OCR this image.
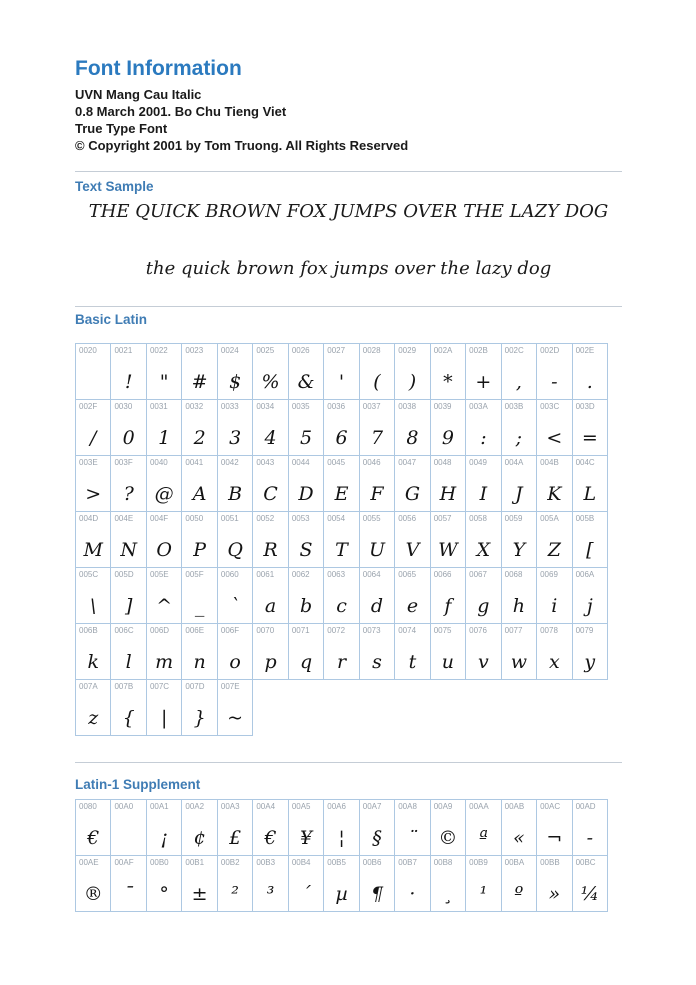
Font Information

UVN Mang Cau Italic

0.8 March 2001. Bo Chu Tieng Viet

True Type Font

© Copyright 2001 by Tom Truong. All Rights Reserved

Text Sample
THE QUICK BROWN FOX JUMPS OVER THE LAZY DOG
the quick brown fox jumps over the lazy dog
Basic Latin
0020 0021
!
0022
"
0023
#
0024
$
0025
%
0026
&
0027
'
0028
(
0029
)
002A
*
002B
+
002C
,
002D
-
002E
.
002F
/
0030
0
0031
1
0032
2
0033
3
0034
4
0035
5
0036
6
0037
7
0038
8
0039
9
003A
:
003B
;
003C
<
003D
=
003E
>
003F
?
0040
@
0041
A
0042
B
0043
C
0044
D
0045
E
0046
F
0047
G
0048
H
0049
I
004A
J
004B
K
004C
L
004D
M
004E
N
004F
O
0050
P
0051
Q
0052
R
0053
S
0054
T
0055
U
0056
V
0057
W
0058
X
0059
Y
005A
Z
005B
[
005C
\
005D
]
005E
^
005F
_
0060
`
0061
a
0062
b
0063
c
0064
d
0065
e
0066
f
0067
g
0068
h
0069
i
006A
j
006B
k
006C
l
006D
m
006E
n
006F
o
0070
p
0071
q
0072
r
0073
s
0074
t
0075
u
0076
v
0077
w
0078
x
0079
y
007A
z
007B
{
007C
|
007D
}
007E
~
Latin-1 Supplement
0080
€
00A0 00A1
¡
00A2
¢
00A3
£
00A4
€
00A5
¥
00A6
¦
00A7
§
00A8
¨
00A9
©
00AA
ª
00AB
«
00AC
¬
00AD
-
00AE
®
00AF
¯
00B0
°
00B1
±
00B2
²
00B3
³
00B4
´
00B5
µ
00B6
¶
00B7
·
00B8
¸
00B9
¹
00BA
º
00BB
»
00BC
¼
